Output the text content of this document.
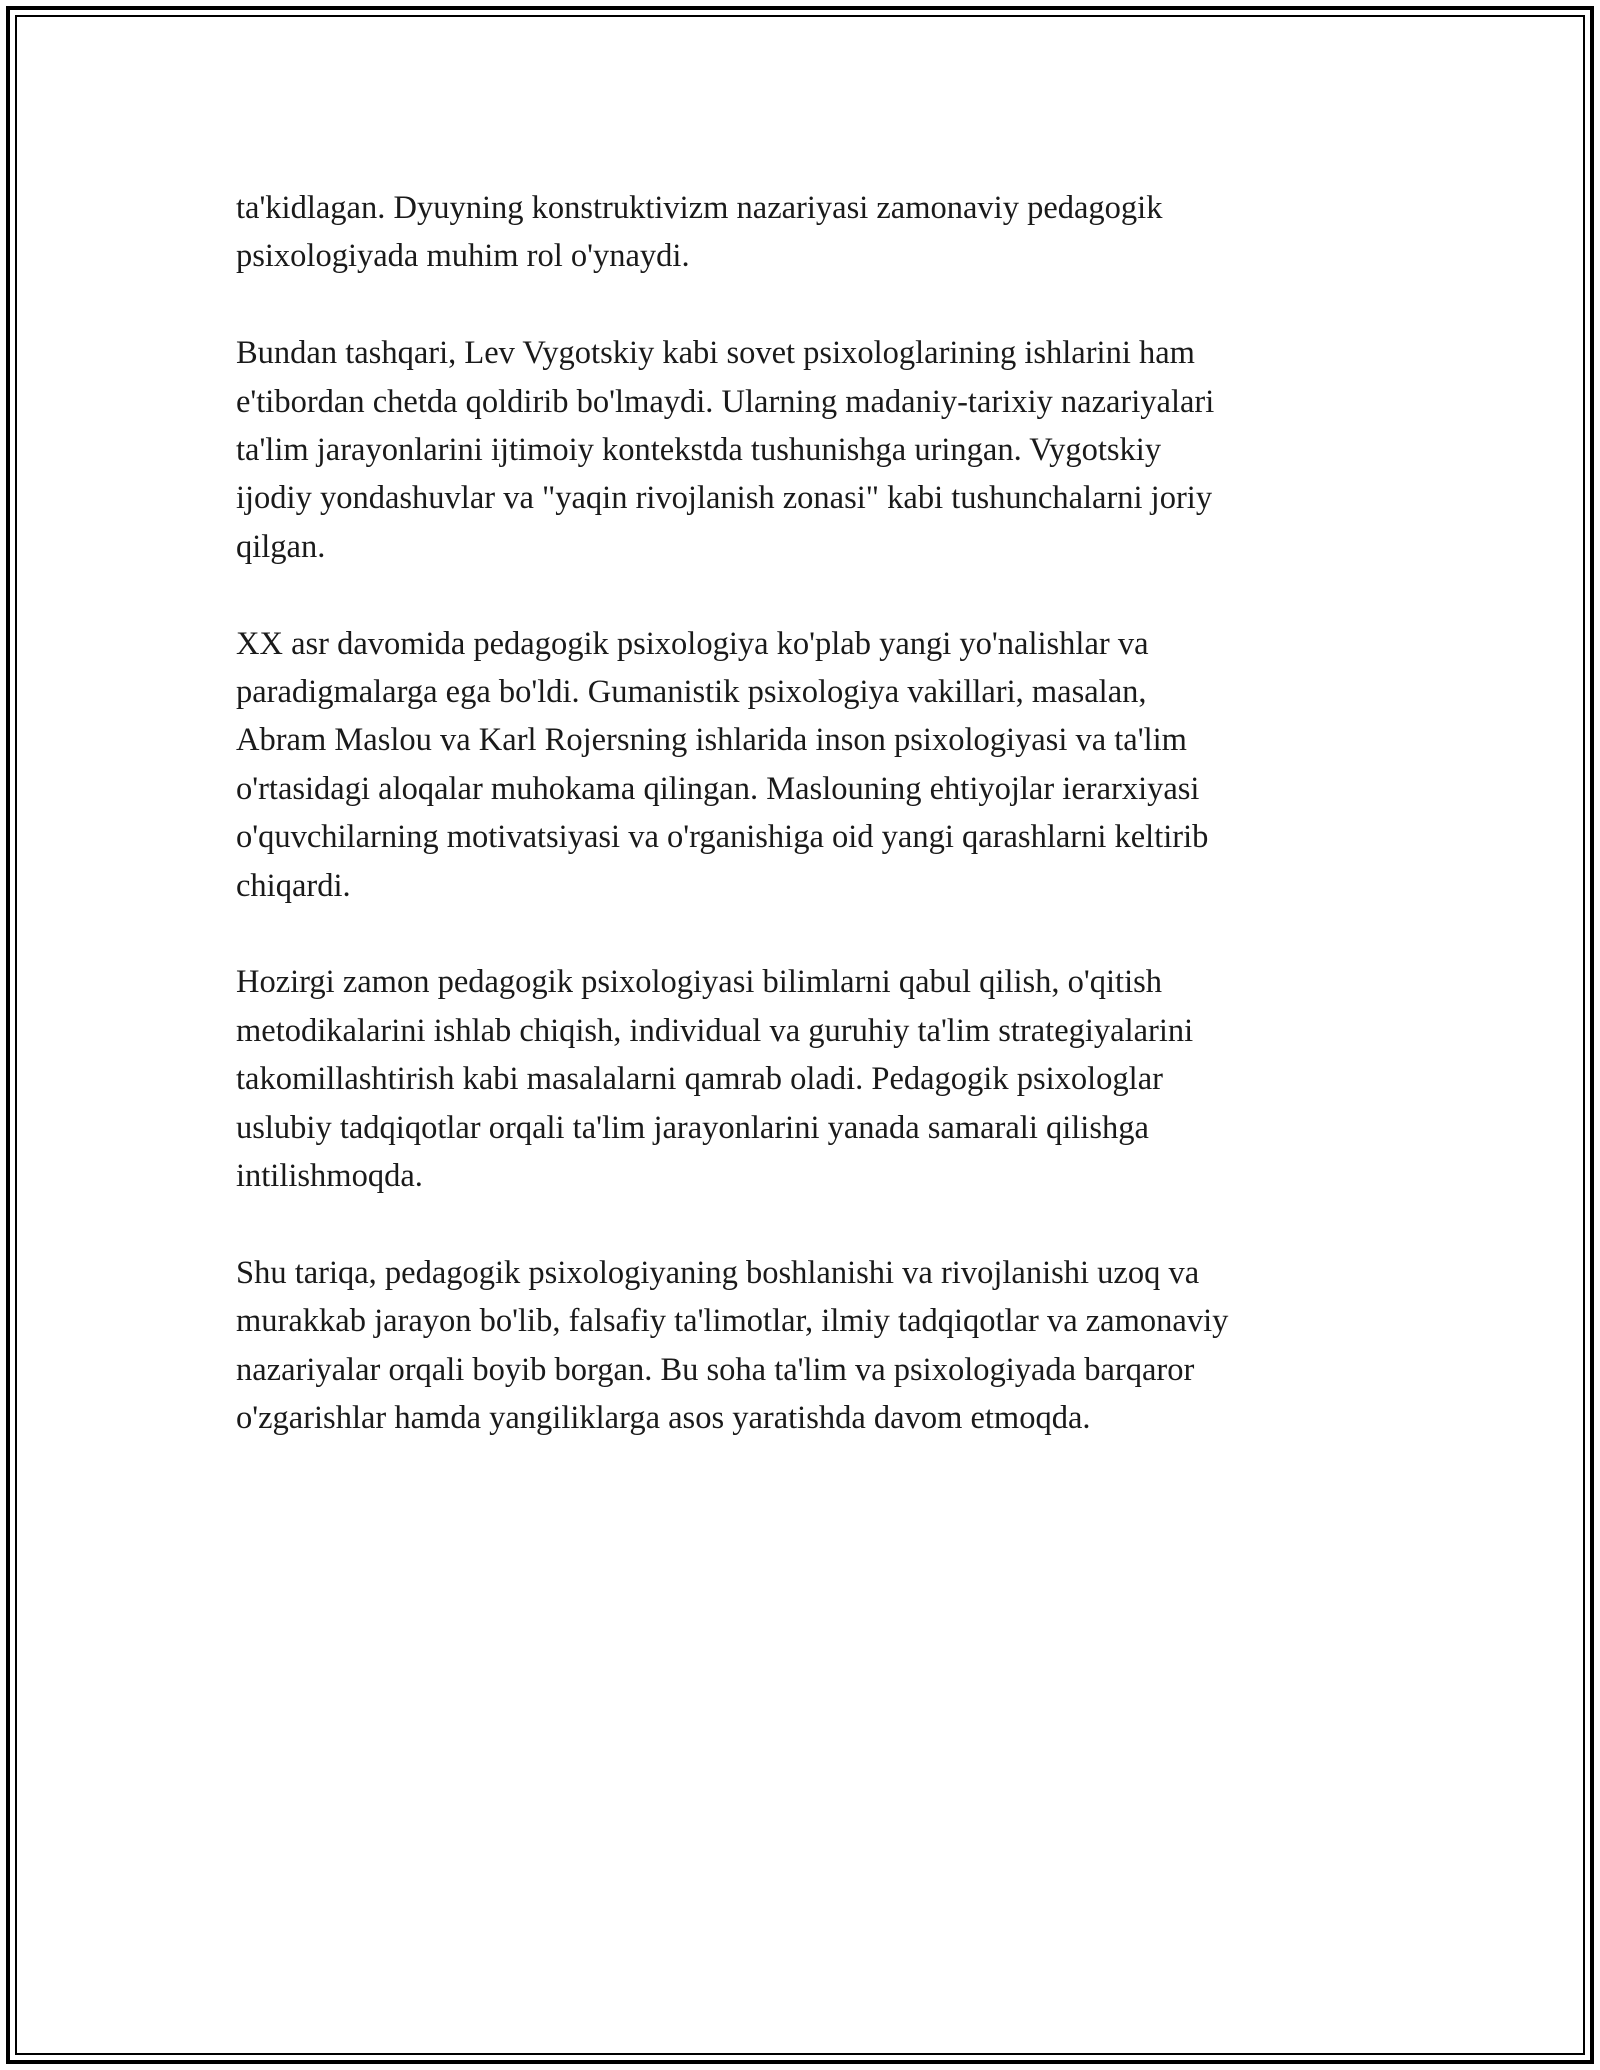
ta'kidlagan. Dyuyning konstruktivizm nazariyasi zamonaviy pedagogik
psixologiyada muhim rol o'ynaydi.

Bundan tashqari, Lev Vygotskiy kabi sovet psixologlarining ishlarini ham
e'tibordan chetda qoldirib bo'lmaydi. Ularning madaniy-tarixiy nazariyalari
ta'lim jarayonlarini ijtimoiy kontekstda tushunishga uringan. Vygotskiy
ijodiy yondashuvlar va "yaqin rivojlanish zonasi" kabi tushunchalarni joriy
qilgan.

XX asr davomida pedagogik psixologiya ko'plab yangi yo'nalishlar va
paradigmalarga ega bo'ldi. Gumanistik psixologiya vakillari, masalan,
Abram Maslou va Karl Rojersning ishlarida inson psixologiyasi va ta'lim
o'rtasidagi aloqalar muhokama qilingan. Maslouning ehtiyojlar ierarxiyasi
o'quvchilarning motivatsiyasi va o'rganishiga oid yangi qarashlarni keltirib
chiqardi.

Hozirgi zamon pedagogik psixologiyasi bilimlarni qabul qilish, o'qitish
metodikalarini ishlab chiqish, individual va guruhiy ta'lim strategiyalarini
takomillashtirish kabi masalalarni qamrab oladi. Pedagogik psixologlar
uslubiy tadqiqotlar orqali ta'lim jarayonlarini yanada samarali qilishga
intilishmoqda.

Shu tariqa, pedagogik psixologiyaning boshlanishi va rivojlanishi uzoq va
murakkab jarayon bo'lib, falsafiy ta'limotlar, ilmiy tadqiqotlar va zamonaviy
nazariyalar orqali boyib borgan. Bu soha ta'lim va psixologiyada barqaror
o'zgarishlar hamda yangiliklarga asos yaratishda davom etmoqda.
